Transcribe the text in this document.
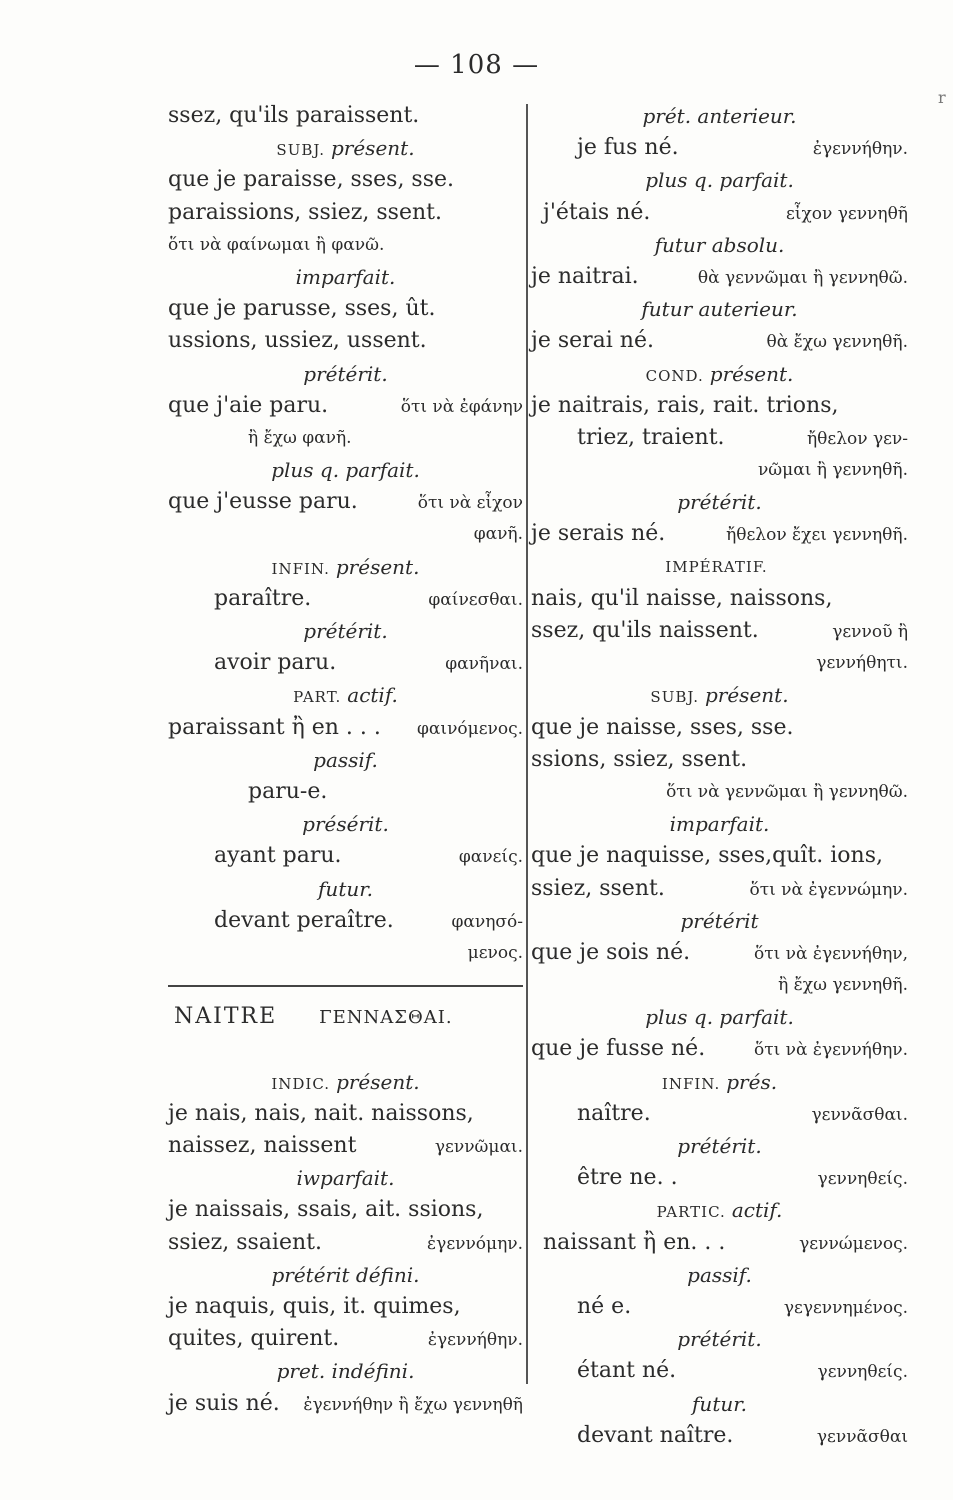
— 108 —
r
ssez, qu'ils paraissent.
SUBJ. présent.
que je paraisse, sses, sse.
paraissions, ssiez, ssent.
ὅτι νὰ φαίνωμαι ἢ φανῶ.
imparfait.
que je parusse, sses, ût.
ussions, ussiez, ussent.
prétérit.
que j'aie paru.	ὅτι νὰ ἐφάνην
ἢ ἔχω φανῆ.
plus q. parfait.
que j'eusse paru.	ὅτι νὰ εἶχον
φανῆ.
INFIN. présent.
paraître.	φαίνεσθαι.
prétérit.
avoir paru.	φανῆναι.
PART. actif.
paraissant ἢ en . . . φαινόμενος.
passif.
paru-e.
présérit.
ayant paru.	φανείς.
futur.
devant peraître.	φανησό-
μενος.
NAITRE ΓΕΝΝΑΣΘΑΙ.
INDIC. présent.
je nais, nais, nait. naissons,
naissez, naissent	γεννῶμαι.
iwparfait.
je naissais, ssais, ait. ssions,
ssiez, ssaient.	ἐγεννόμην.
prétérit défini.
je naquis, quis, it. quimes,
quites, quirent.	ἐγεννήθην.
pret. indéfini.
je suis né. ἐγεννήθην ἢ ἔχω γεννηθῆ
prét. anterieur.
je fus né.	ἐγεννήθην.
plus q. parfait.
j'étais né.	εἶχον γεννηθῆ
futur absolu.
je naitrai.	θὰ γεννῶμαι ἢ γεννηθῶ.
futur auterieur.
je serai né.	θὰ ἔχω γεννηθῆ.
COND. présent.
je naitrais, rais, rait. trions,
triez, traient.	ἤθελον γεν-
νῶμαι ἢ γεννηθῆ.
prétérit.
je serais né.	ἤθελον ἔχει γεννηθῆ.
IMPÉRATIF.
nais, qu'il naisse, naissons,
ssez, qu'ils naissent.	γεννοῦ ἢ
γεννήθητι.
SUBJ. présent.
que je naisse, sses, sse.
ssions, ssiez, ssent.
ὅτι νὰ γεννῶμαι ἢ γεννηθῶ.
imparfait.
que je naquisse, sses,quît. ions,
ssiez, ssent.	ὅτι νὰ ἐγεννώμην.
prétérit
que je sois né.	ὅτι νὰ ἐγεννήθην,
ἢ ἔχω γεννηθῆ.
plus q. parfait.
que je fusse né.	ὅτι νὰ ἐγεννήθην.
INFIN. prés.
naître.	γεννᾶσθαι.
prétérit.
être ne. .	γεννηθείς.
PARTIC. actif.
naissant ἢ en. . .	γεννώμενος.
passif.
né e.	γεγεννημένος.
prétérit.
étant né.	γεννηθείς.
futur.
devant naître.	γεννᾶσθαι
